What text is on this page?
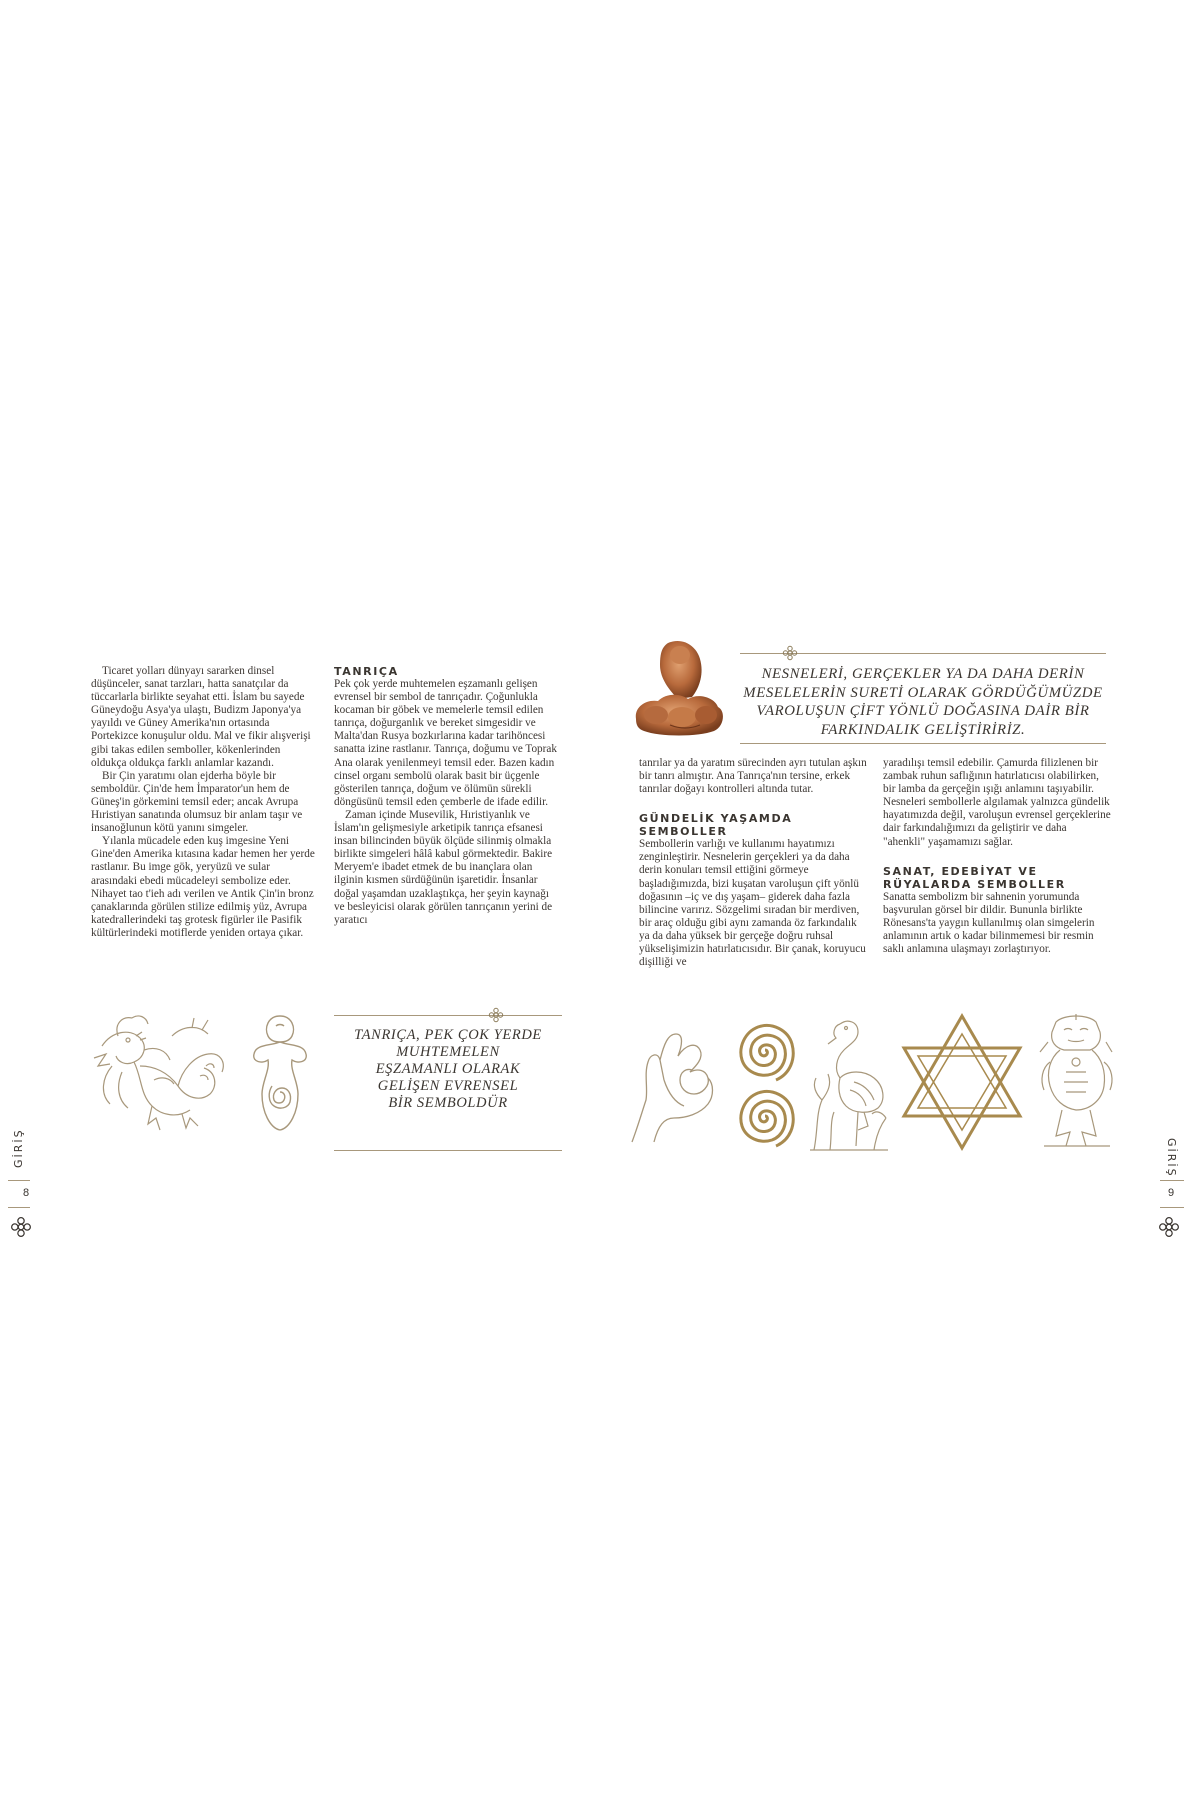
Ticaret yolları dünyayı sararken dinsel düşünceler, sanat tarzları, hatta sanatçılar da tüccarlarla birlikte seyahat etti. İslam bu sayede Güneydoğu Asya'ya ulaştı, Budizm Japonya'ya yayıldı ve Güney Amerika'nın ortasında Portekizce konuşulur oldu. Mal ve fikir alışverişi gibi takas edilen semboller, kökenlerinden oldukça oldukça farklı anlamlar kazandı.

Bir Çin yaratımı olan ejderha böyle bir semboldür. Çin'de hem İmparator'un hem de Güneş'in görkemini temsil eder; ancak Avrupa Hıristiyan sanatında olumsuz bir anlam taşır ve insanoğlunun kötü yanını simgeler.

Yılanla mücadele eden kuş imgesine Yeni Gine'den Amerika kıtasına kadar hemen her yerde rastlanır. Bu imge gök, yeryüzü ve sular arasındaki ebedi mücadeleyi sembolize eder. Nihayet tao t'ieh adı verilen ve Antik Çin'in bronz çanaklarında görülen stilize edilmiş yüz, Avrupa katedrallerindeki taş grotesk figürler ile Pasifik kültürlerindeki motiflerde yeniden ortaya çıkar.

TANRIÇA

Pek çok yerde muhtemelen eşzamanlı gelişen evrensel bir sembol de tanrıçadır. Çoğunlukla kocaman bir göbek ve memelerle temsil edilen tanrıça, doğurganlık ve bereket simgesidir ve Malta'dan Rusya bozkırlarına kadar tarihöncesi sanatta izine rastlanır. Tanrıça, doğumu ve Toprak Ana olarak yenilenmeyi temsil eder. Bazen kadın cinsel organı sembolü olarak basit bir üçgenle gösterilen tanrıça, doğum ve ölümün sürekli döngüsünü temsil eden çemberle de ifade edilir.

Zaman içinde Musevilik, Hıristiyanlık ve İslam'ın gelişmesiyle arketipik tanrıça efsanesi insan bilincinden büyük ölçüde silinmiş olmakla birlikte simgeleri hâlâ kabul görmektedir. Bakire Meryem'e ibadet etmek de bu inançlara olan ilginin kısmen sürdüğünün işaretidir. İnsanlar doğal yaşamdan uzaklaştıkça, her şeyin kaynağı ve besleyicisi olarak görülen tanrıçanın yerini de yaratıcı

TANRIÇA, PEK ÇOK YERDE
MUHTEMELEN
EŞZAMANLI OLARAK
GELİŞEN EVRENSEL
BİR SEMBOLDÜR
GİRİŞ
8
NESNELERİ, GERÇEKLER YA DA DAHA DERİN
MESELELERİN SURETİ OLARAK GÖRDÜĞÜMÜZDE
VAROLUŞUN ÇİFT YÖNLÜ DOĞASINA DAİR BİR
FARKINDALIK GELİŞTİRİRİZ.

tanrılar ya da yaratım sürecinden ayrı tutulan aşkın bir tanrı almıştır. Ana Tanrıça'nın tersine, erkek tanrılar doğayı kontrolleri altında tutar.

GÜNDELİK YAŞAMDA SEMBOLLER

Sembollerin varlığı ve kullanımı hayatımızı zenginleştirir. Nesnelerin gerçekleri ya da daha derin konuları temsil ettiğini görmeye başladığımızda, bizi kuşatan varoluşun çift yönlü doğasının –iç ve dış yaşam– giderek daha fazla bilincine varırız. Sözgelimi sıradan bir merdiven, bir araç olduğu gibi aynı zamanda öz farkındalık ya da daha yüksek bir gerçeğe doğru ruhsal yükselişimizin hatırlatıcısıdır. Bir çanak, koruyucu dişilliği ve

yaradılışı temsil edebilir. Çamurda filizlenen bir zambak ruhun saflığının hatırlatıcısı olabilirken, bir lamba da gerçeğin ışığı anlamını taşıyabilir. Nesneleri sembollerle algılamak yalnızca gündelik hayatımızda değil, varoluşun evrensel gerçeklerine dair farkındalığımızı da geliştirir ve daha "ahenkli" yaşamamızı sağlar.

SANAT, EDEBİYAT VE
RÜYALARDA SEMBOLLER

Sanatta sembolizm bir sahnenin yorumunda başvurulan görsel bir dildir. Bununla birlikte Rönesans'ta yaygın kullanılmış olan simgelerin anlamının artık o kadar bilinmemesi bir resmin saklı anlamına ulaşmayı zorlaştırıyor.

GİRİŞ
9
